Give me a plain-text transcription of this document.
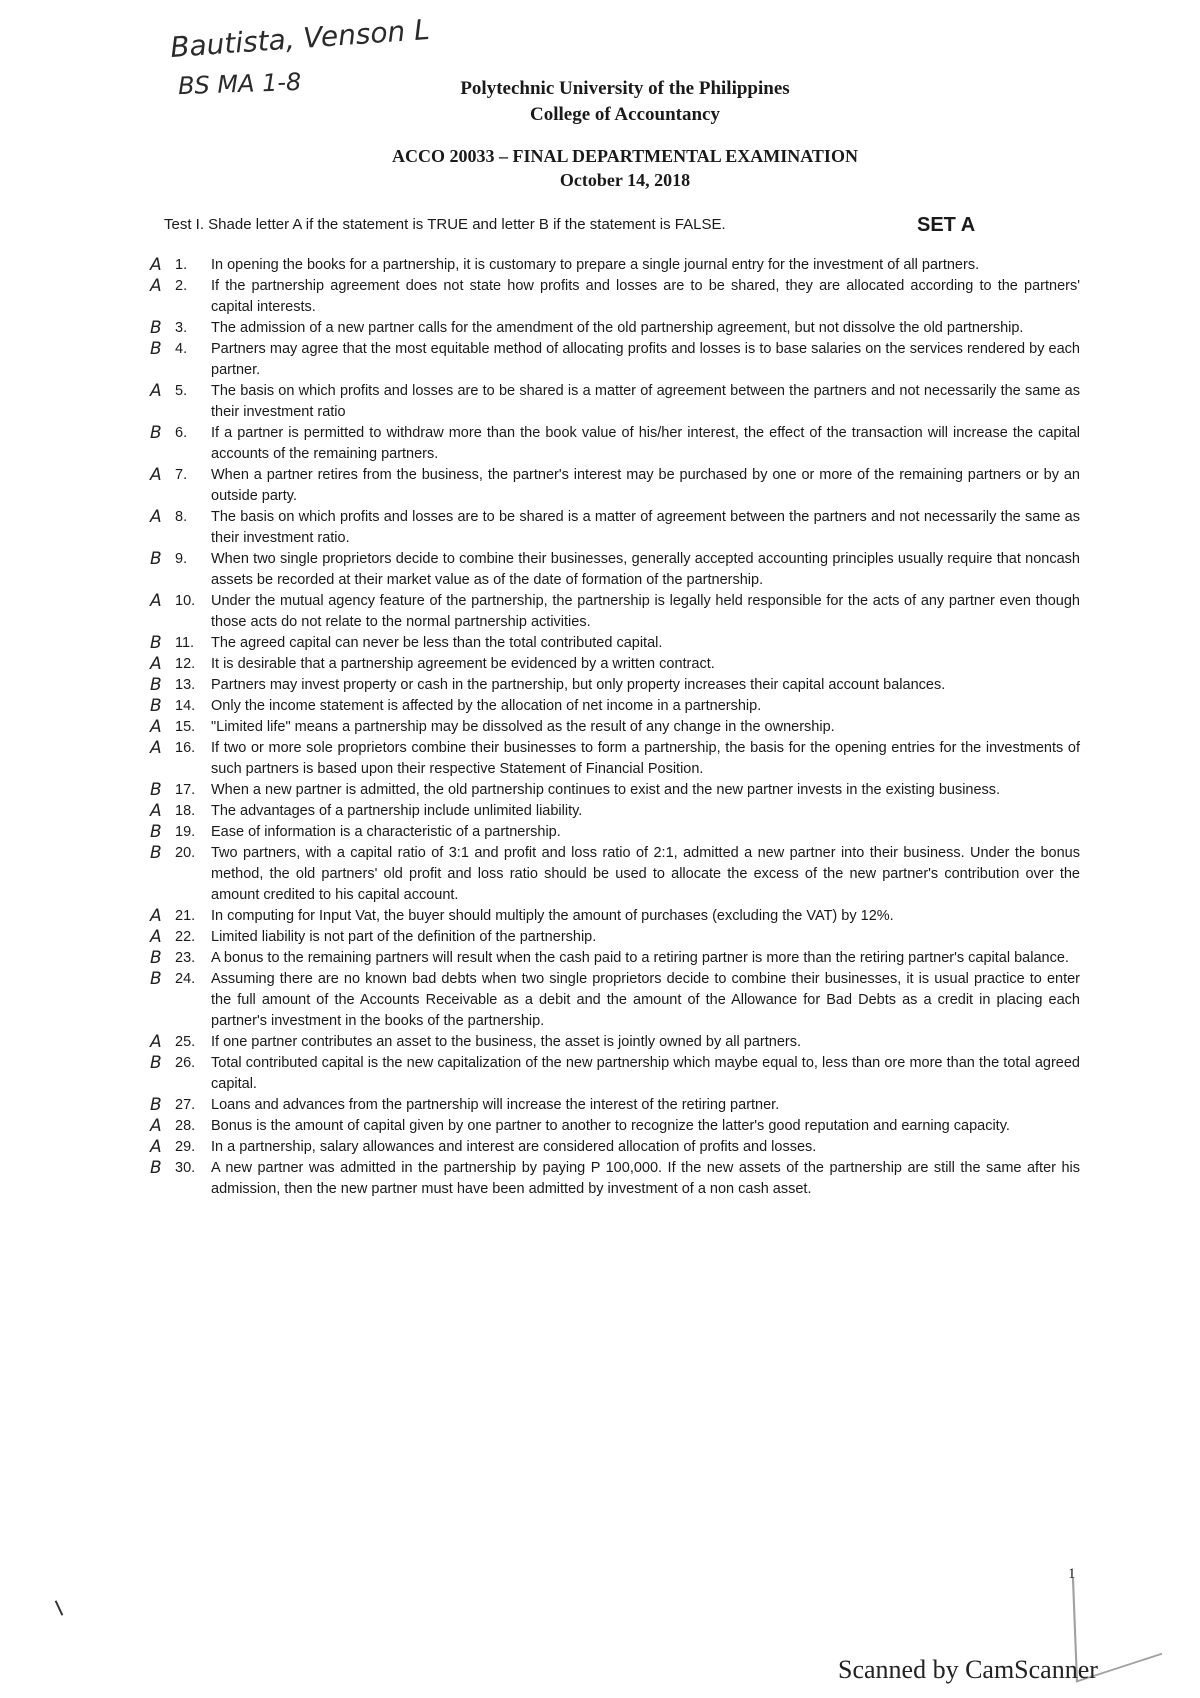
Bautista, Venson L
BS MA 1-8	Polytechnic University of the Philippines
College of Accountancy
ACCO 20033 – FINAL DEPARTMENTAL EXAMINATION
October 14, 2018
Test I. Shade letter A if the statement is TRUE and letter B if the statement is FALSE.	SET A
A 1.	In opening the books for a partnership, it is customary to prepare a single journal entry for the investment of all partners.
A 2.	If the partnership agreement does not state how profits and losses are to be shared, they are allocated according to the partners' capital interests.
B 3.	The admission of a new partner calls for the amendment of the old partnership agreement, but not dissolve the old partnership.
B 4.	Partners may agree that the most equitable method of allocating profits and losses is to base salaries on the services rendered by each partner.
A 5.	The basis on which profits and losses are to be shared is a matter of agreement between the partners and not necessarily the same as their investment ratio
B 6.	If a partner is permitted to withdraw more than the book value of his/her interest, the effect of the transaction will increase the capital accounts of the remaining partners.
A 7.	When a partner retires from the business, the partner's interest may be purchased by one or more of the remaining partners or by an outside party.
A 8.	The basis on which profits and losses are to be shared is a matter of agreement between the partners and not necessarily the same as their investment ratio.
B 9.	When two single proprietors decide to combine their businesses, generally accepted accounting principles usually require that noncash assets be recorded at their market value as of the date of formation of the partnership.
A 10.	Under the mutual agency feature of the partnership, the partnership is legally held responsible for the acts of any partner even though those acts do not relate to the normal partnership activities.
B 11.	The agreed capital can never be less than the total contributed capital.
A 12.	It is desirable that a partnership agreement be evidenced by a written contract.
B 13.	Partners may invest property or cash in the partnership, but only property increases their capital account balances.
B 14.	Only the income statement is affected by the allocation of net income in a partnership.
A 15.	"Limited life" means a partnership may be dissolved as the result of any change in the ownership.
A 16.	If two or more sole proprietors combine their businesses to form a partnership, the basis for the opening entries for the investments of such partners is based upon their respective Statement of Financial Position.
B 17.	When a new partner is admitted, the old partnership continues to exist and the new partner invests in the existing business.
A 18.	The advantages of a partnership include unlimited liability.
B 19.	Ease of information is a characteristic of a partnership.
B 20.	Two partners, with a capital ratio of 3:1 and profit and loss ratio of 2:1, admitted a new partner into their business. Under the bonus method, the old partners' old profit and loss ratio should be used to allocate the excess of the new partner's contribution over the amount credited to his capital account.
A 21.	In computing for Input Vat, the buyer should multiply the amount of purchases (excluding the VAT) by 12%.
A 22.	Limited liability is not part of the definition of the partnership.
B 23.	A bonus to the remaining partners will result when the cash paid to a retiring partner is more than the retiring partner's capital balance.
B 24.	Assuming there are no known bad debts when two single proprietors decide to combine their businesses, it is usual practice to enter the full amount of the Accounts Receivable as a debit and the amount of the Allowance for Bad Debts as a credit in placing each partner's investment in the books of the partnership.
A 25.	If one partner contributes an asset to the business, the asset is jointly owned by all partners.
B 26.	Total contributed capital is the new capitalization of the new partnership which maybe equal to, less than ore more than the total agreed capital.
B 27.	Loans and advances from the partnership will increase the interest of the retiring partner.
A 28.	Bonus is the amount of capital given by one partner to another to recognize the latter's good reputation and earning capacity.
A 29.	In a partnership, salary allowances and interest are considered allocation of profits and losses.
B 30.	A new partner was admitted in the partnership by paying P 100,000. If the new assets of the partnership are still the same after his admission, then the new partner must have been admitted by investment of a non cash asset.
1
Scanned by CamScanner
